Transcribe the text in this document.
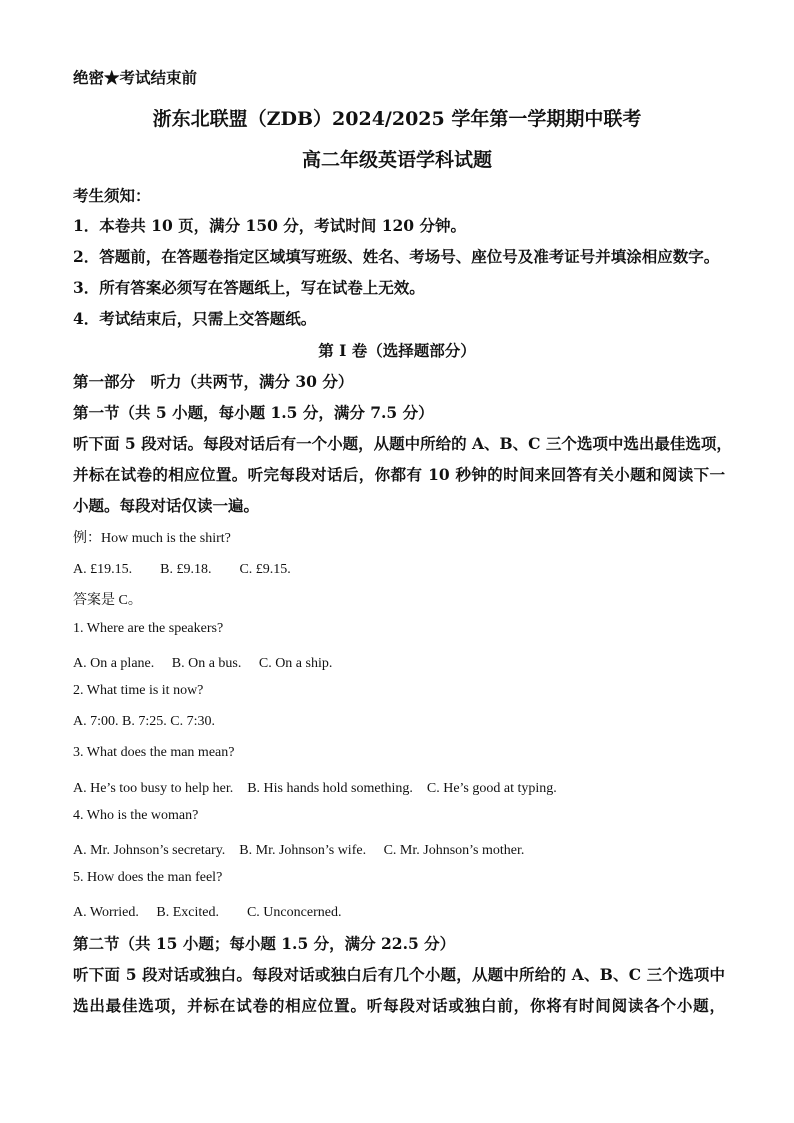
绝密★考试结束前
浙东北联盟（ZDB）2024/2025 学年第一学期期中联考
高二年级英语学科试题
考生须知：
1．本卷共 10 页，满分 150 分，考试时间 120 分钟。
2．答题前，在答题卷指定区域填写班级、姓名、考场号、座位号及准考证号并填涂相应数字。
3．所有答案必须写在答题纸上，写在试卷上无效。
4．考试结束后，只需上交答题纸。
第 I 卷（选择题部分）
第一部分　听力（共两节，满分 30 分）
第一节（共 5 小题，每小题 1.5 分，满分 7.5 分）
听下面 5 段对话。每段对话后有一个小题，从题中所给的 A、B、C 三个选项中选出最佳选项，
并标在试卷的相应位置。听完每段对话后，你都有 10 秒钟的时间来回答有关小题和阅读下一
小题。每段对话仅读一遍。
例：How much is the shirt?
A. £19.15.　　B. £9.18.　　C. £9.15.
答案是 C。
1. Where are the speakers?
A. On a plane.　 B. On a bus.　 C. On a ship.
2. What time is it now?
A. 7:00. B. 7:25. C. 7:30.
3. What does the man mean?
A. He’s too busy to help her.　B. His hands hold something.　C. He’s good at typing.
4. Who is the woman?
A. Mr. Johnson’s secretary.　B. Mr. Johnson’s wife.　 C. Mr. Johnson’s mother.
5. How does the man feel?
A. Worried.　 B. Excited.　　C. Unconcerned.
第二节（共 15 小题；每小题 1.5 分，满分 22.5 分）
听下面 5 段对话或独白。每段对话或独白后有几个小题，从题中所给的 A、B、C 三个选项中
选出最佳选项，并标在试卷的相应位置。听每段对话或独白前，你将有时间阅读各个小题，
